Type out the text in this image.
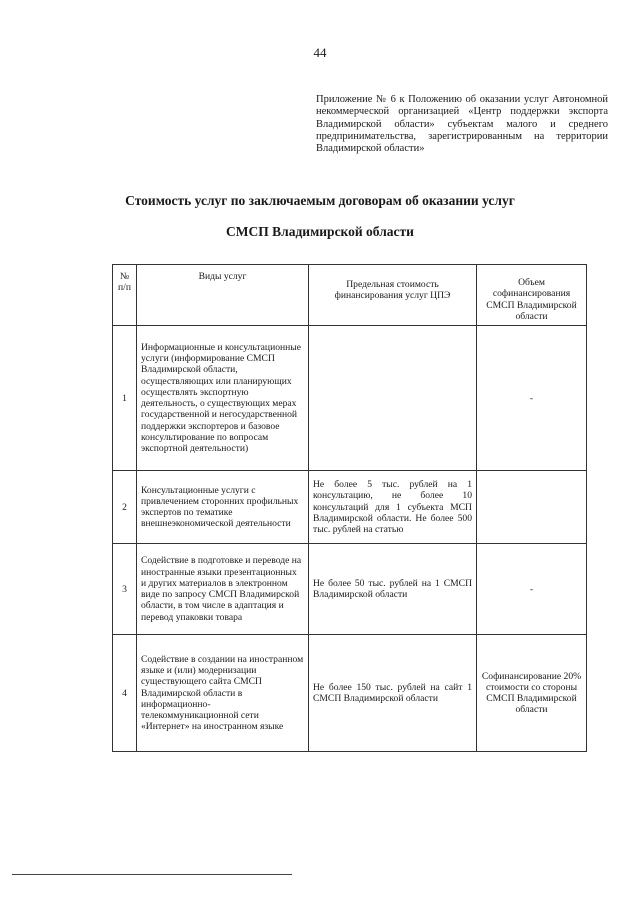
44
Приложение № 6 к Положению об оказании услуг Автономной некоммерческой организацией «Центр поддержки экспорта Владимирской области» субъектам малого и среднего предпринимательства, зарегистрированным на территории Владимирской области»
Стоимость услуг по заключаемым договорам об оказании услуг
СМСП Владимирской области
№ п/п	Виды услуг	Предельная стоимость финансирования услуг ЦПЭ	Объем софинансирования СМСП Владимирской области
1	Информационные и консультационные услуги (информирование СМСП Владимирской области, осуществляющих или планирующих осуществлять экспортную деятельность, о существующих мерах государственной и негосударственной поддержки экспортеров и базовое консультирование по вопросам экспортной деятельности)		-
2	Консультационные услуги с привлечением сторонних профильных экспертов по тематике внешнеэкономической деятельности	Не более 5 тыс. рублей на 1 консультацию, не более 10 консультаций для 1 субъекта МСП Владимирской области. Не более 500 тыс. рублей на статью	
3	Содействие в подготовке и переводе на иностранные языки презентационных и других материалов в электронном виде по запросу СМСП Владимирской области, в том числе в адаптация и перевод упаковки товара	Не более 50 тыс. рублей на 1 СМСП Владимирской области	-
4	Содействие в создании на иностранном языке и (или) модернизации существующего сайта СМСП Владимирской области в информационно-телекоммуникационной сети «Интернет» на иностранном языке	Не более 150 тыс. рублей на сайт 1 СМСП Владимирской области	Софинансирование 20% стоимости со стороны СМСП Владимирской области
